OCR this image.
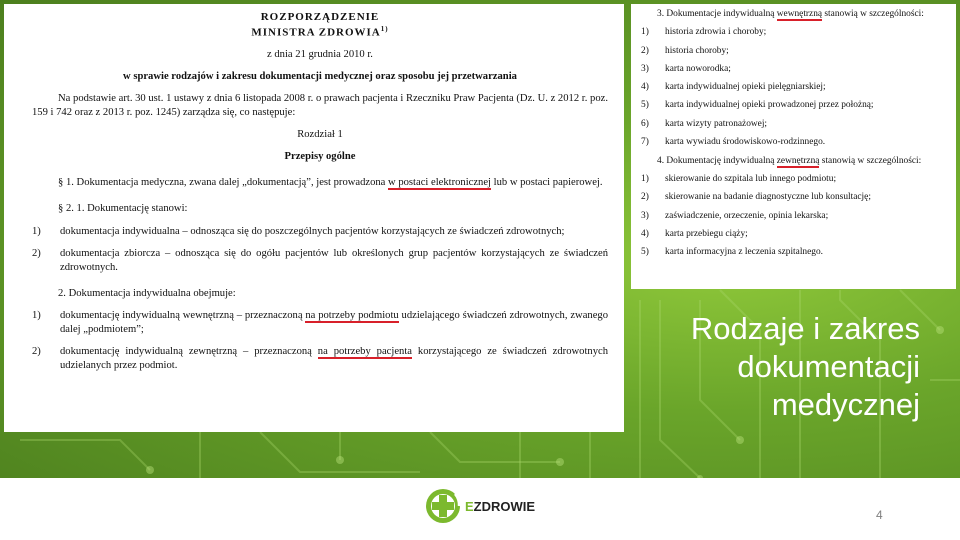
ROZPORZĄDZENIE

MINISTRA ZDROWIA$^{1)}$

z dnia 21 grudnia 2010 r.

w sprawie rodzajów i zakresu dokumentacji medycznej oraz sposobu jej przetwarzania

Na podstawie art. 30 ust. 1 ustawy z dnia 6 listopada 2008 r. o prawach pacjenta i Rzeczniku Praw Pacjenta (Dz. U. z 2012 r. poz. 159 i 742 oraz z 2013 r. poz. 1245) zarządza się, co następuje:

Rozdział 1

Przepisy ogólne

§ 1. Dokumentacja medyczna, zwana dalej „dokumentacją”, jest prowadzona w postaci elektronicznej lub w postaci papierowej.

§ 2. 1. Dokumentację stanowi:

1)	dokumentacja indywidualna – odnosząca się do poszczególnych pacjentów korzystających ze świadczeń zdrowotnych;
2)	dokumentacja zbiorcza – odnosząca się do ogółu pacjentów lub określonych grup pacjentów korzystających ze świadczeń zdrowotnych.

2. Dokumentacja indywidualna obejmuje:

1)	dokumentację indywidualną wewnętrzną – przeznaczoną na potrzeby podmiotu udzielającego świadczeń zdrowotnych, zwanego dalej „podmiotem”;
2)	dokumentację indywidualną zewnętrzną – przeznaczoną na potrzeby pacjenta korzystającego ze świadczeń zdrowotnych udzielanych przez podmiot.

3. Dokumentacje indywidualną wewnętrzną stanowią w szczególności:

1)	historia zdrowia i choroby;
2)	historia choroby;
3)	karta noworodka;
4)	karta indywidualnej opieki pielęgniarskiej;
5)	karta indywidualnej opieki prowadzonej przez położną;
6)	karta wizyty patronażowej;
7)	karta wywiadu środowiskowo-rodzinnego.

4. Dokumentację indywidualną zewnętrzną stanowią w szczególności:

1)	skierowanie do szpitala lub innego podmiotu;
2)	skierowanie na badanie diagnostyczne lub konsultację;
3)	zaświadczenie, orzeczenie, opinia lekarska;
4)	karta przebiegu ciąży;
5)	karta informacyjna z leczenia szpitalnego.
Rodzaje i zakres
dokumentacji
medycznej
EZDROWIE
4
